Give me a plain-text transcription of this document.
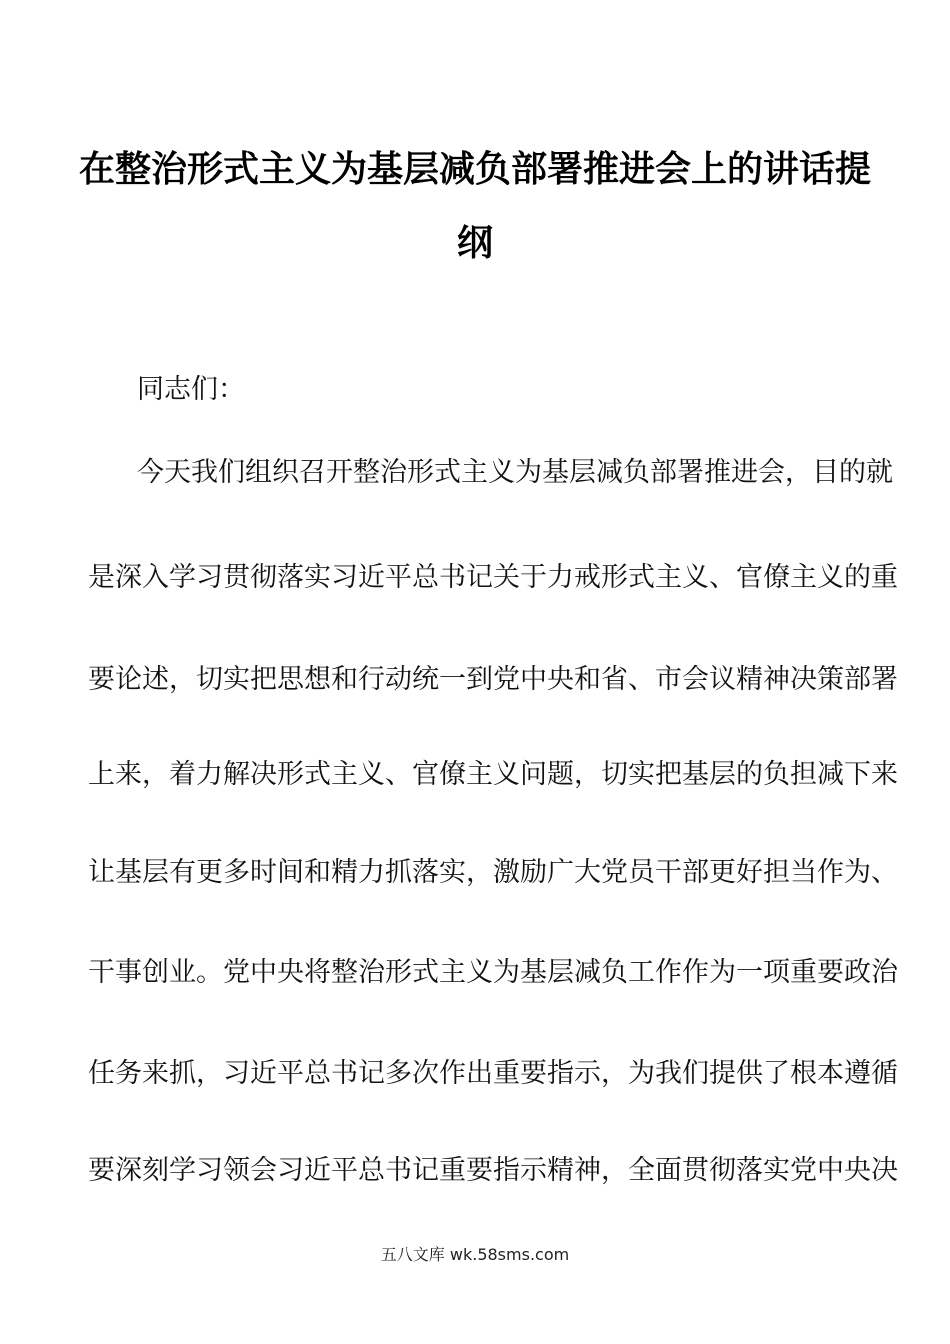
在整治形式主义为基层减负部署推进会上的讲话提
纲
同志们：
今天我们组织召开整治形式主义为基层减负部署推进会，目的就
是深入学习贯彻落实习近平总书记关于力戒形式主义、官僚主义的重
要论述，切实把思想和行动统一到党中央和省、市会议精神决策部署
上来，着力解决形式主义、官僚主义问题，切实把基层的负担减下来
让基层有更多时间和精力抓落实，激励广大党员干部更好担当作为、
干事创业。党中央将整治形式主义为基层减负工作作为一项重要政治
任务来抓，习近平总书记多次作出重要指示，为我们提供了根本遵循
要深刻学习领会习近平总书记重要指示精神，全面贯彻落实党中央决
五八文库 wk.58sms.com
